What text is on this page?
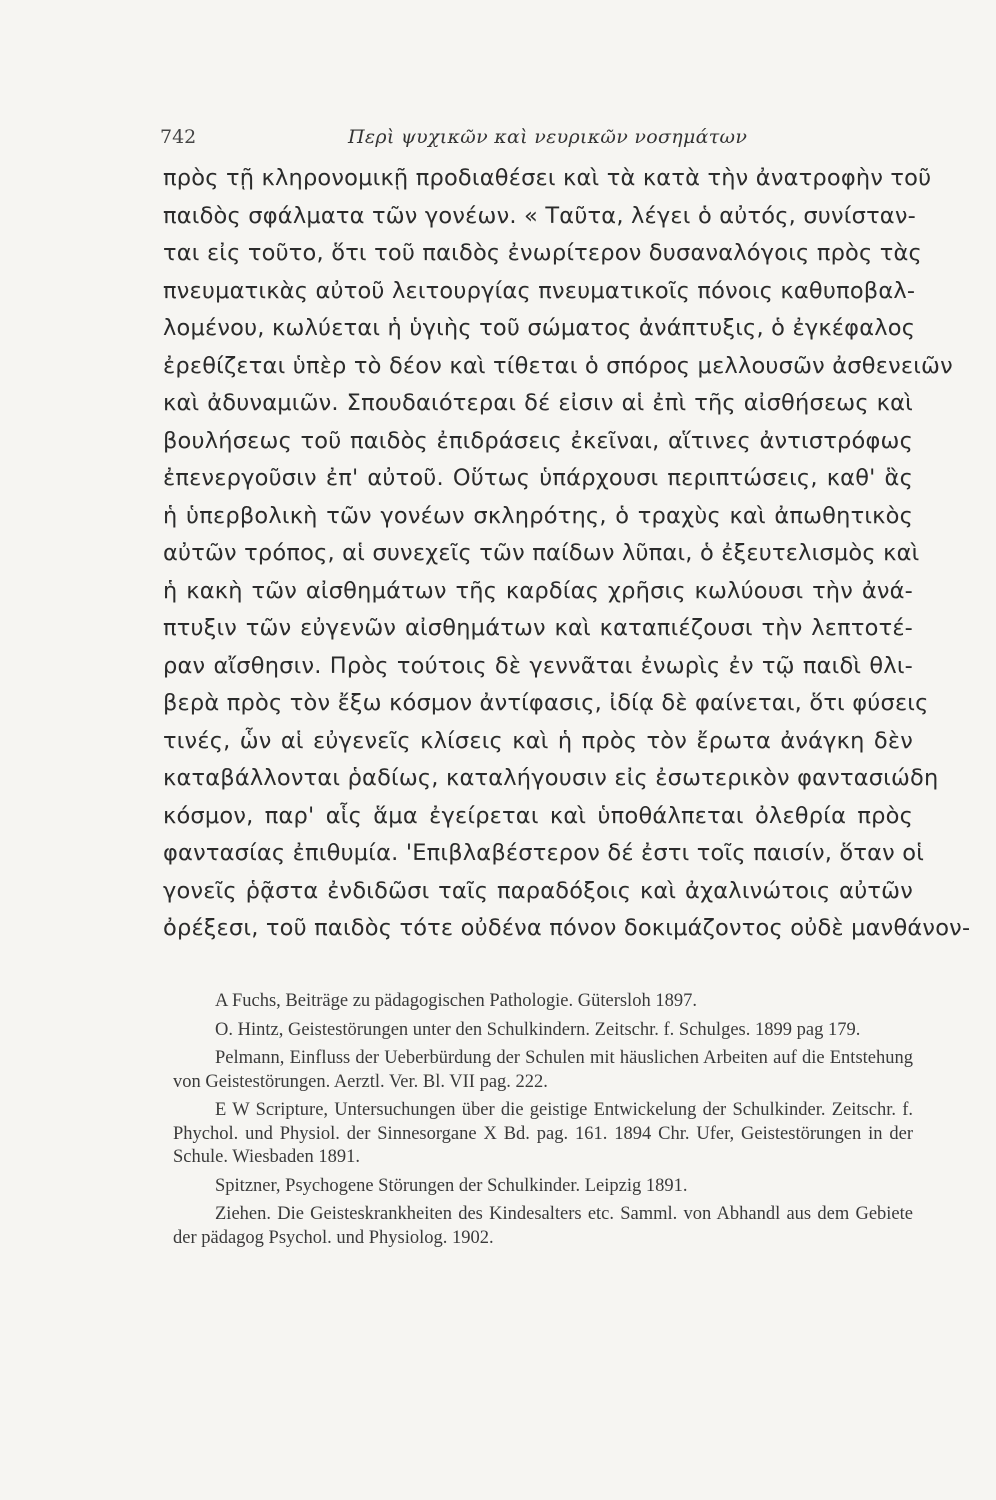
742	Περὶ ψυχικῶν καὶ νευρικῶν νοσημάτων
πρὸς τῇ κληρονομικῇ προδιαθέσει καὶ τὰ κατὰ τὴν ἀνατροφὴν τοῦ
παιδὸς σφάλματα τῶν γονέων. « Ταῦτα, λέγει ὁ αὐτός, συνίσταν-
ται εἰς τοῦτο, ὅτι τοῦ παιδὸς ἐνωρίτερον δυσαναλόγοις πρὸς τὰς
πνευματικὰς αὐτοῦ λειτουργίας πνευματικοῖς πόνοις καθυποβαλ-
λομένου, κωλύεται ἡ ὑγιὴς τοῦ σώματος ἀνάπτυξις, ὁ ἐγκέφαλος
ἐρεθίζεται ὑπὲρ τὸ δέον καὶ τίθεται ὁ σπόρος μελλουσῶν ἀσθενειῶν
καὶ ἀδυναμιῶν. Σπουδαιότεραι δέ εἰσιν αἱ ἐπὶ τῆς αἰσθήσεως καὶ
βουλήσεως τοῦ παιδὸς ἐπιδράσεις ἐκεῖναι, αἵτινες ἀντιστρόφως
ἐπενεργοῦσιν ἐπ' αὐτοῦ. Οὕτως ὑπάρχουσι περιπτώσεις, καθ' ἃς
ἡ ὑπερβολικὴ τῶν γονέων σκληρότης, ὁ τραχὺς καὶ ἀπωθητικὸς
αὐτῶν τρόπος, αἱ συνεχεῖς τῶν παίδων λῦπαι, ὁ ἐξευτελισμὸς καὶ
ἡ κακὴ τῶν αἰσθημάτων τῆς καρδίας χρῆσις κωλύουσι τὴν ἀνά-
πτυξιν τῶν εὐγενῶν αἰσθημάτων καὶ καταπιέζουσι τὴν λεπτοτέ-
ραν αἴσθησιν. Πρὸς τούτοις δὲ γεννᾶται ἐνωρὶς ἐν τῷ παιδὶ θλι-
βερὰ πρὸς τὸν ἔξω κόσμον ἀντίφασις, ἰδίᾳ δὲ φαίνεται, ὅτι φύσεις
τινές, ὧν αἱ εὐγενεῖς κλίσεις καὶ ἡ πρὸς τὸν ἔρωτα ἀνάγκη δὲν
καταβάλλονται ῥαδίως, καταλήγουσιν εἰς ἐσωτερικὸν φαντασιώδη
κόσμον, παρ' αἷς ἅμα ἐγείρεται καὶ ὑποθάλπεται ὀλεθρία πρὸς
φαντασίας ἐπιθυμία. 'Επιβλαβέστερον δέ ἐστι τοῖς παισίν, ὅταν οἱ
γονεῖς ῥᾷστα ἐνδιδῶσι ταῖς παραδόξοις καὶ ἀχαλινώτοις αὐτῶν
ὀρέξεσι, τοῦ παιδὸς τότε οὐδένα πόνον δοκιμάζοντος οὐδὲ μανθάνον-

A Fuchs, Beiträge zu pädagogischen Pathologie. Gütersloh 1897.

O. Hintz, Geistestörungen unter den Schulkindern. Zeitschr. f. Schulges. 1899 pag 179.

Pelmann, Einfluss der Ueberbürdung der Schulen mit häuslichen Arbeiten auf die Entstehung von Geistestörungen. Aerztl. Ver. Bl. VII pag. 222.

E W Scripture, Untersuchungen über die geistige Entwickelung der Schulkinder. Zeitschr. f. Phychol. und Physiol. der Sinnesorgane X Bd. pag. 161. 1894 Chr. Ufer, Geistestörungen in der Schule. Wiesbaden 1891.

Spitzner, Psychogene Störungen der Schulkinder. Leipzig 1891.

Ziehen. Die Geisteskrankheiten des Kindesalters etc. Samml. von Abhandl aus dem Gebiete der pädagog Psychol. und Physiolog. 1902.
